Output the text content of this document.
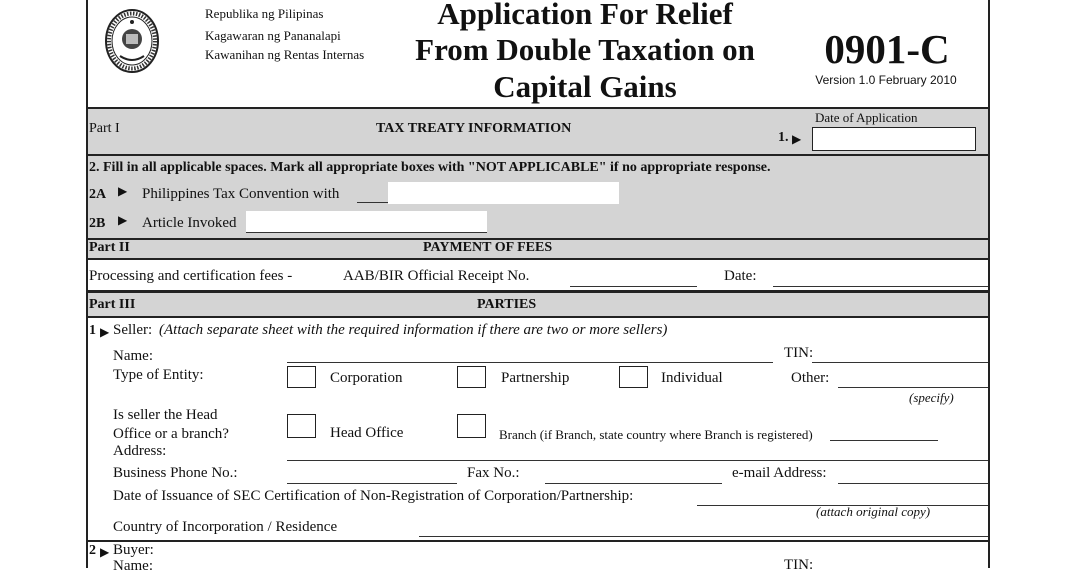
Republika ng Pilipinas
Kagawaran ng Pananalapi
Kawanihan ng Rentas Internas
Application For Relief
From Double Taxation on
Capital Gains
0901-C
Version 1.0 February 2010
Part I	TAX TREATY INFORMATION
Date of Application
1. ▶
2. Fill in all applicable spaces. Mark all appropriate boxes with "NOT APPLICABLE" if no appropriate response.
2A ▶ Philippines Tax Convention with
2B ▶ Article Invoked
Part II	PAYMENT OF FEES
Processing and certification fees -	AAB/BIR Official Receipt No.	Date:
Part III	PARTIES
1 ▶ Seller: (Attach separate sheet with the required information if there are two or more sellers)
Name:	TIN:
Type of Entity:	Corporation	Partnership	Individual	Other:
(specify)
Is seller the Head
Office or a branch?	Head Office	Branch (if Branch, state country where Branch is registered)
Address:
Business Phone No.:	Fax No.:	e-mail Address:
Date of Issuance of SEC Certification of Non-Registration of Corporation/Partnership:
(attach original copy)
Country of Incorporation / Residence
2 ▶ Buyer:
Name:	TIN:
